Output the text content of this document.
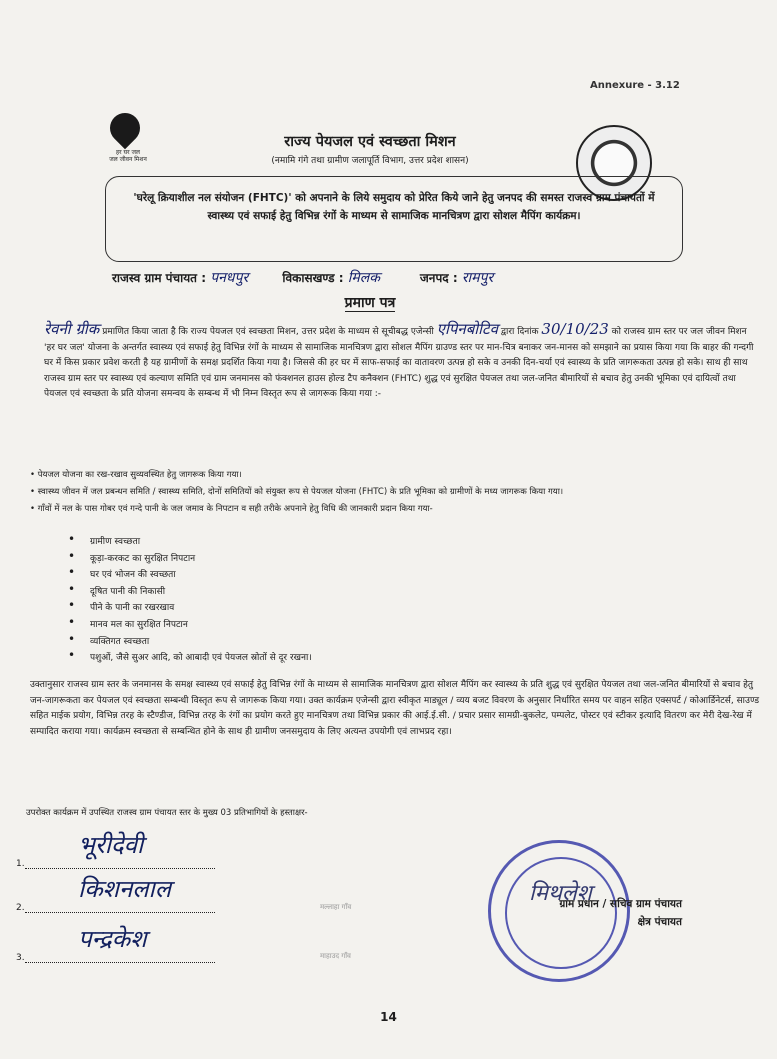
Annexure - 3.12
हर घर जल
जल जीवन मिशन
राज्य पेयजल एवं स्वच्छता मिशन
(नमामि गंगे तथा ग्रामीण जलापूर्ति विभाग, उत्तर प्रदेश शासन)
'घरेलू क्रियाशील नल संयोजन (FHTC)' को अपनाने के लिये समुदाय को प्रेरित किये जाने हेतु जनपद की समस्त राजस्व ग्राम पंचायतों में स्वास्थ्य एवं सफाई हेतु विभिन्न रंगों के माध्यम से सामाजिक मानचित्रण द्वारा सोशल मैपिंग कार्यक्रम।
राजस्व ग्राम पंचायत : पनधपुर	विकासखण्ड : मिलक	जनपद : रामपुर
प्रमाण पत्र
रेवनी ग्रीक प्रमाणित किया जाता है कि राज्य पेयजल एवं स्वच्छता मिशन, उत्तर प्रदेश के माध्यम से सूचीबद्ध एजेन्सी एपिनबोटिव द्वारा दिनांक 30/10/23 को राजस्व ग्राम स्तर पर जल जीवन मिशन 'हर घर जल' योजना के अन्तर्गत स्वास्थ्य एवं सफाई हेतु विभिन्न रंगों के माध्यम से सामाजिक मानचित्रण द्वारा सोशल मैपिंग ग्राउण्ड स्तर पर मान-चित्र बनाकर जन-मानस को समझाने का प्रयास किया गया कि बाहर की गन्दगी घर में किस प्रकार प्रवेश करती है यह ग्रामीणों के समक्ष प्रदर्शित किया गया है। जिससे की हर घर में साफ-सफाई का वातावरण उत्पन्न हो सके व उनकी दिन-चर्या एवं स्वास्थ्य के प्रति जागरूकता उत्पन्न हो सके। साथ ही साथ राजस्व ग्राम स्तर पर स्वास्थ्य एवं कल्याण समिति एवं ग्राम जनमानस को फंक्शनल हाउस होल्ड टैप कनैक्शन (FHTC) शुद्ध एवं सुरक्षित पेयजल तथा जल-जनित बीमारियों से बचाव हेतु उनकी भूमिका एवं दायित्वों तथा पेयजल एवं स्वच्छता के प्रति योजना समन्वय के सम्बन्ध में भी निम्न विस्तृत रूप से जागरूक किया गया :-
• पेयजल योजना का रख-रखाव सुव्यवस्थित हेतु जागरूक किया गया।
• स्वास्थ्य जीवन में जल प्रबन्धन समिति / स्वास्थ्य समिति, दोनों समितियों को संयुक्त रूप से पेयजल योजना (FHTC) के प्रति भूमिका को ग्रामीणों के मध्य जागरूक किया गया।
• गाँवों में नल के पास गोबर एवं गन्दे पानी के जल जमाव के निपटान व सही तरीके अपनाने हेतु विधि की जानकारी प्रदान किया गया-
• ग्रामीण स्वच्छता
• कूड़ा-करकट का सुरक्षित निपटान
• घर एवं भोजन की स्वच्छता
• दूषित पानी की निकासी
• पीने के पानी का रखरखाव
• मानव मल का सुरक्षित निपटान
• व्यक्तिगत स्वच्छता
• पशुओं, जैसे सुअर आदि, को आबादी एवं पेयजल स्रोतों से दूर रखना।
उक्तानुसार राजस्व ग्राम स्तर के जनमानस के समक्ष स्वास्थ्य एवं सफाई हेतु विभिन्न रंगों के माध्यम से सामाजिक मानचित्रण द्वारा सोशल मैपिंग कर स्वास्थ्य के प्रति शुद्ध एवं सुरक्षित पेयजल तथा जल-जनित बीमारियों से बचाव हेतु जन-जागरूकता कर पेयजल एवं स्वच्छता सम्बन्धी विस्तृत रूप से जागरूक किया गया। उक्त कार्यक्रम एजेन्सी द्वारा स्वीकृत माड्यूल / व्यय बजट विवरण के अनुसार निर्धारित समय पर वाहन सहित एक्सपर्ट / कोआर्डिनेटर्स, साउण्ड सहित माईक प्रयोग, विभिन्न तरह के स्टैण्डीज, विभिन्न तरह के रंगों का प्रयोग करते हुए मानचित्रण तथा विभिन्न प्रकार की आई.ई.सी. / प्रचार प्रसार सामग्री-बुकलेट, पम्पलेट, पोस्टर एवं स्टीकर इत्यादि वितरण कर मेरी देख-रेख में सम्पादित कराया गया। कार्यक्रम स्वच्छता से सम्बन्धित होने के साथ ही ग्रामीण जनसमुदाय के लिए अत्यन्त उपयोगी एवं लाभप्रद रहा।
उपरोक्त कार्यक्रम में उपस्थित राजस्व ग्राम पंचायत स्तर के मुख्य 03 प्रतिभागियों के हस्ताक्षर-
1.
भूरीदेवी
2.
किशनलाल
मल्लाहा गाँव
3.
पन्द्रकेश
माहाउद गाँव
मिथलेश
ग्राम प्रधान / सचिव ग्राम पंचायत
क्षेत्र पंचायत
14
